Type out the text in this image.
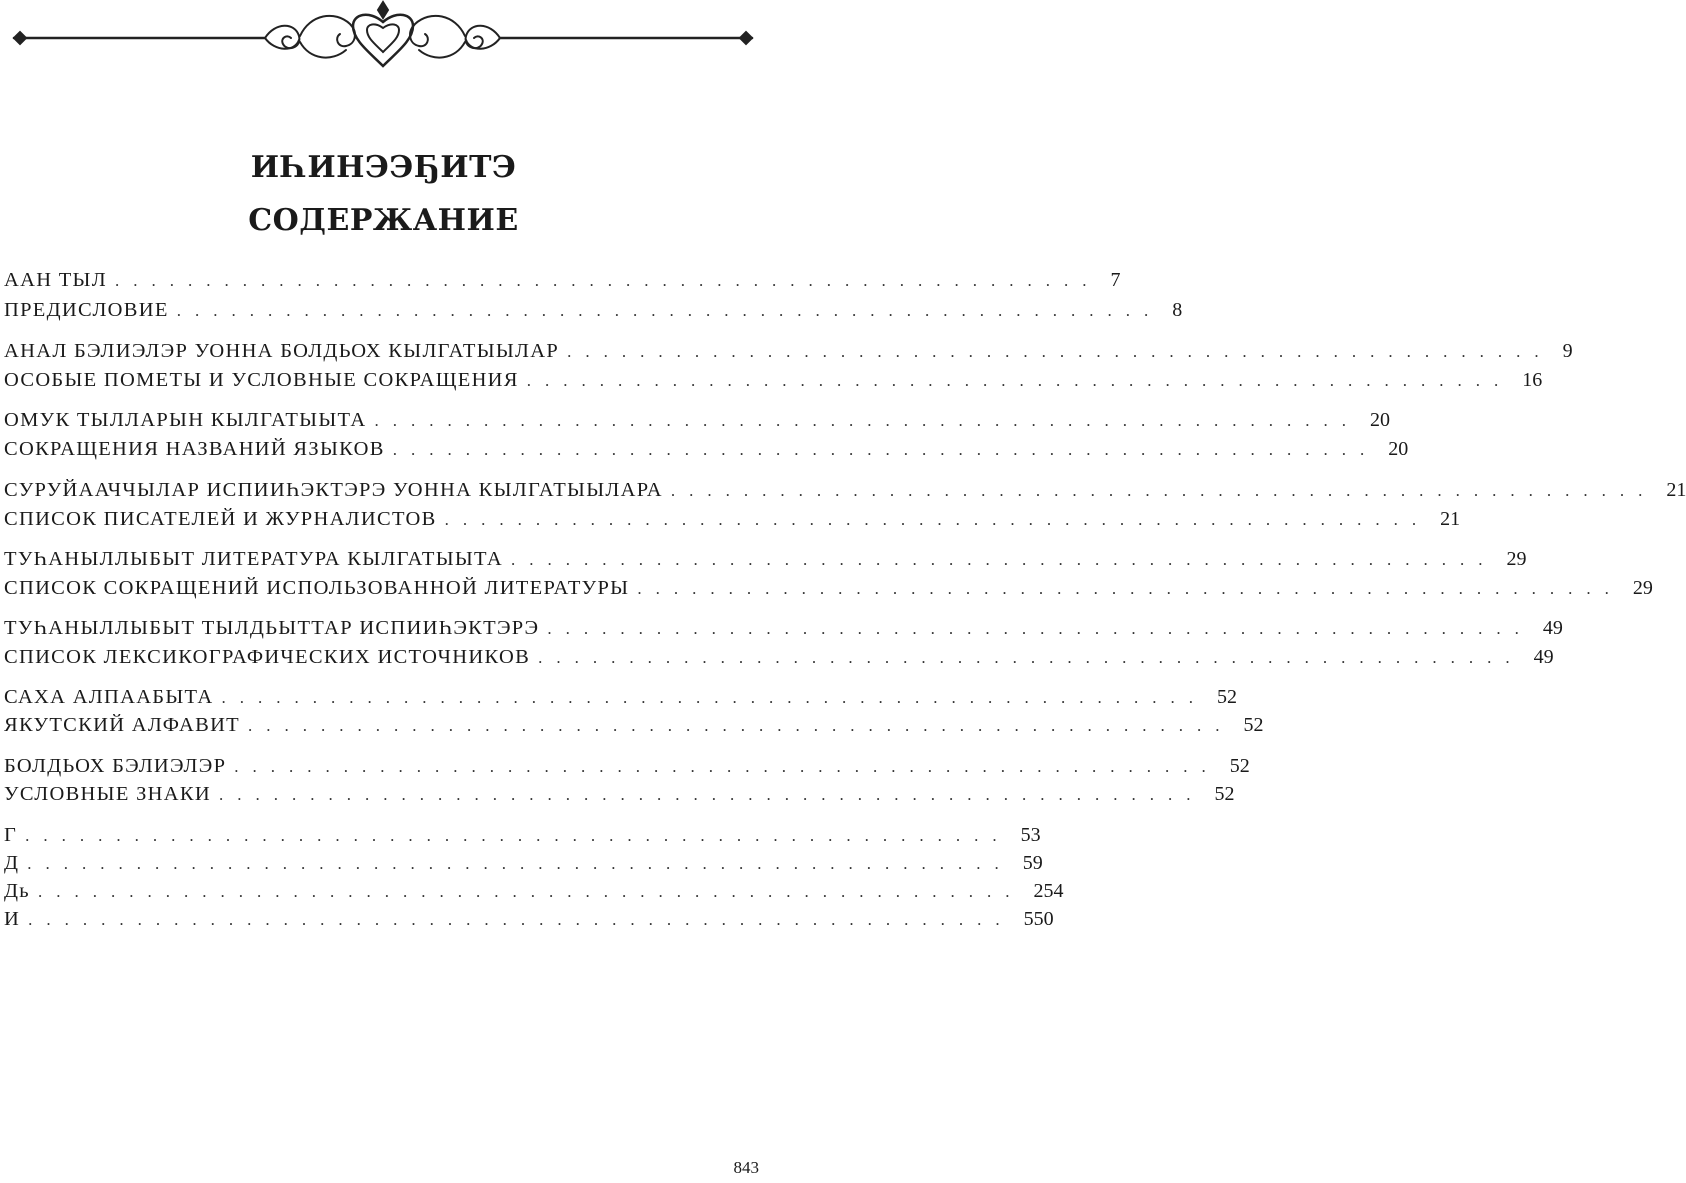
ИҺИНЭЭҔИТЭ
СОДЕРЖАНИЕ
ААН ТЫЛ ...................................................... 7
ПРЕДИСЛОВИЕ ...................................................... 8
АНАЛ БЭЛИЭЛЭР УОННА БОЛДЬОХ КЫЛГАТЫЫЛАР ...................................................... 9
ОСОБЫЕ ПОМЕТЫ И УСЛОВНЫЕ СОКРАЩЕНИЯ ...................................................... 16
ОМУК ТЫЛЛАРЫН КЫЛГАТЫЫТА ...................................................... 20
СОКРАЩЕНИЯ НАЗВАНИЙ ЯЗЫКОВ ...................................................... 20
СУРУЙААЧЧЫЛАР ИСПИИҺЭКТЭРЭ УОННА КЫЛГАТЫЫЛАРА ...................................................... 21
СПИСОК ПИСАТЕЛЕЙ И ЖУРНАЛИСТОВ ...................................................... 21
ТУҺАНЫЛЛЫБЫТ ЛИТЕРАТУРА КЫЛГАТЫЫТА ...................................................... 29
СПИСОК СОКРАЩЕНИЙ ИСПОЛЬЗОВАННОЙ ЛИТЕРАТУРЫ ...................................................... 29
ТУҺАНЫЛЛЫБЫТ ТЫЛДЬЫТТАР ИСПИИҺЭКТЭРЭ ...................................................... 49
СПИСОК ЛЕКСИКОГРАФИЧЕСКИХ ИСТОЧНИКОВ ...................................................... 49
САХА АЛПААБЫТА ...................................................... 52
ЯКУТСКИЙ АЛФАВИТ ...................................................... 52
БОЛДЬОХ БЭЛИЭЛЭР ...................................................... 52
УСЛОВНЫЕ ЗНАКИ ...................................................... 52
Г ...................................................... 53
Д ...................................................... 59
Дь ...................................................... 254
И ...................................................... 550
843
